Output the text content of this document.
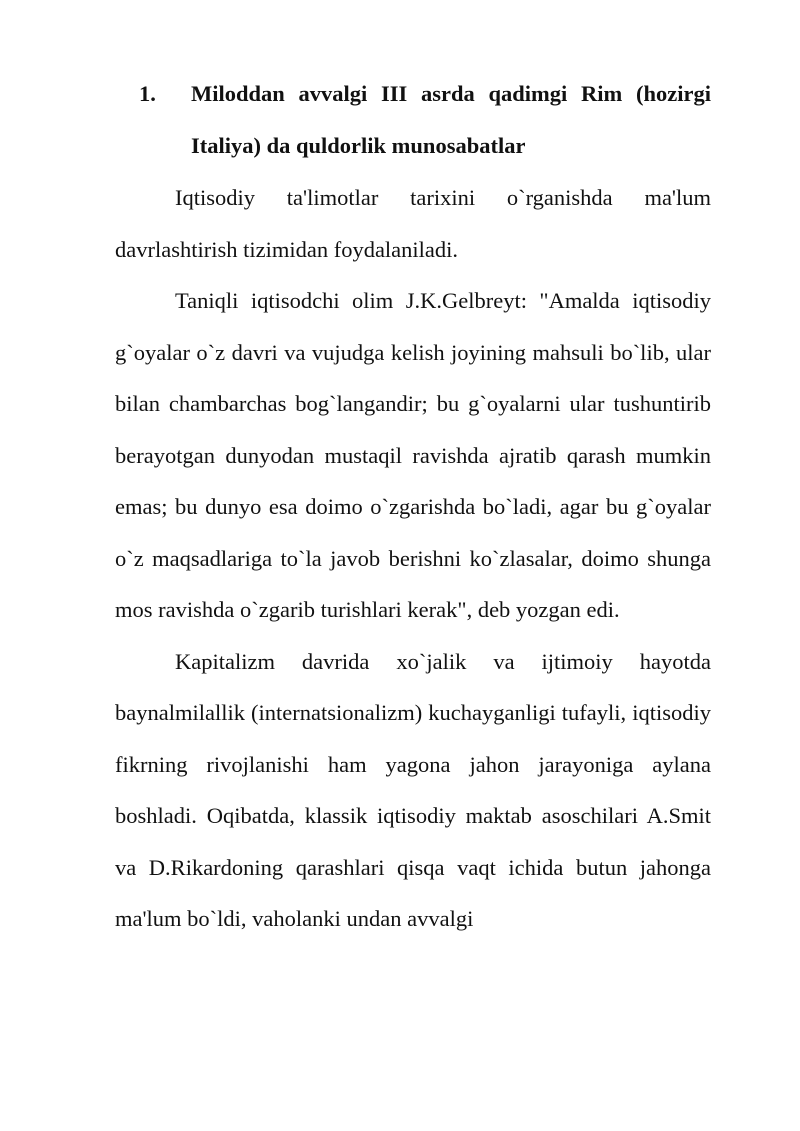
1.	Miloddan avvalgi III asrda qadimgi Rim (hozirgi Italiya) da quldorlik munosabatlar

Iqtisodiy ta'limotlar tarixini o`rganishda ma'lum davrlashtirish tizimidan foydalaniladi.

Taniqli iqtisodchi olim J.K.Gelbreyt: "Amalda iqtisodiy g`oyalar o`z davri va vujudga kelish joyining mahsuli bo`lib, ular bilan chambarchas bog`langandir; bu g`oyalarni ular tushuntirib berayotgan dunyodan mustaqil ravishda ajratib qarash mumkin emas; bu dunyo esa doimo o`zgarishda bo`ladi, agar bu g`oyalar o`z maqsadlariga to`la javob berishni ko`zlasalar, doimo shunga mos ravishda o`zgarib turishlari kerak", deb yozgan edi.

Kapitalizm davrida xo`jalik va ijtimoiy hayotda baynalmilallik (internatsionalizm) kuchayganligi tufayli, iqtisodiy fikrning rivojlanishi ham yagona jahon jarayoniga aylana boshladi. Oqibatda, klassik iqtisodiy maktab asoschilari A.Smit va D.Rikardoning qarashlari qisqa vaqt ichida butun jahonga ma'lum bo`ldi, vaholanki undan avvalgi
